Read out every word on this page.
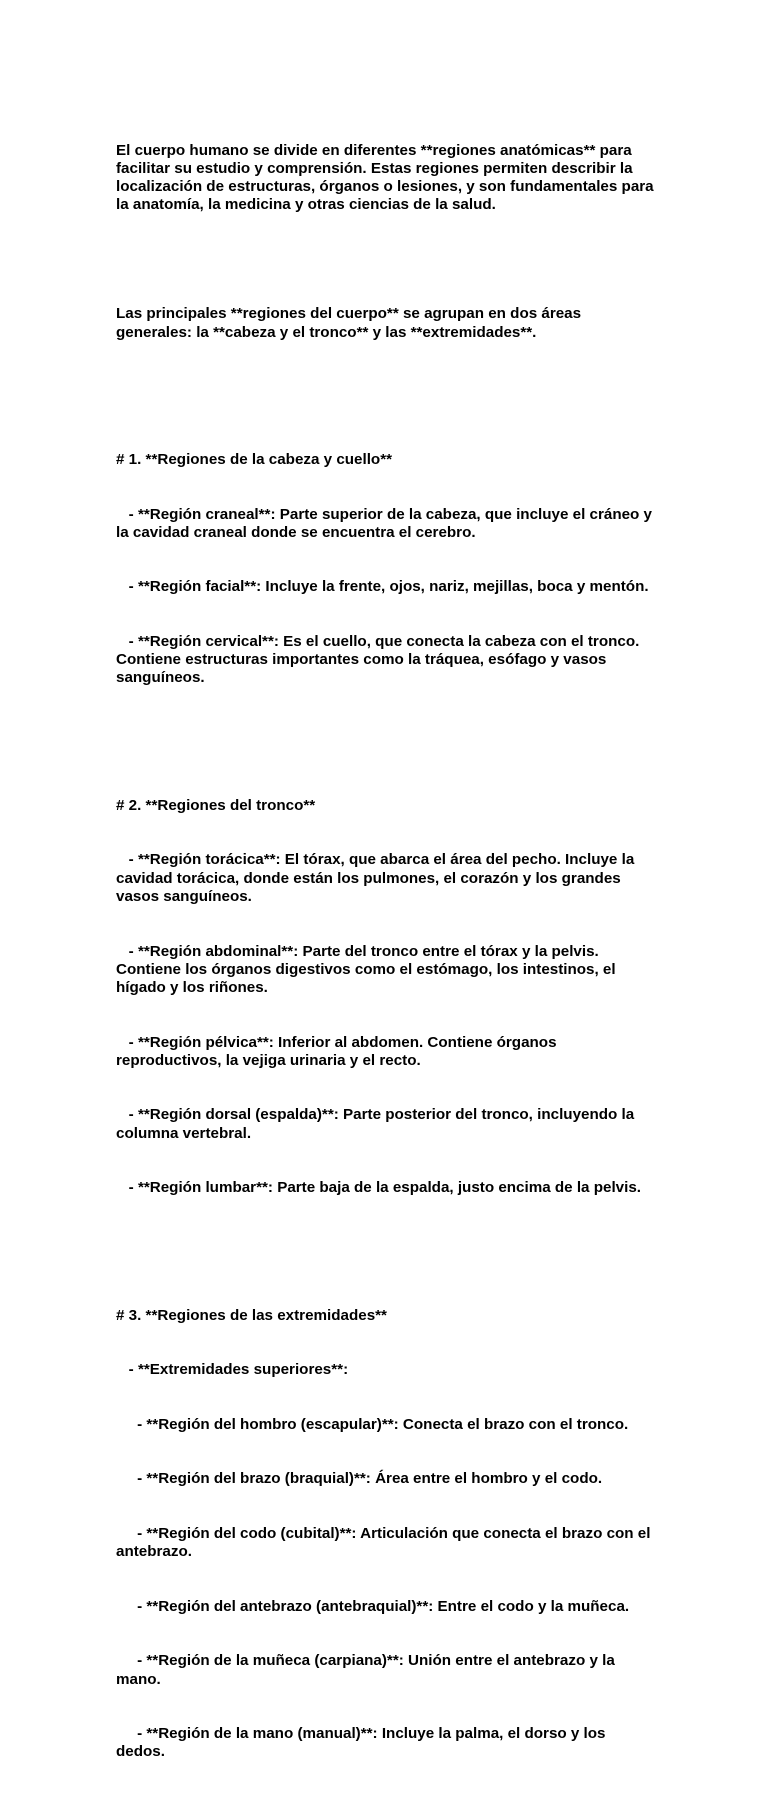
El cuerpo humano se divide en diferentes **regiones anatómicas** para facilitar su estudio y comprensión. Estas regiones permiten describir la localización de estructuras, órganos o lesiones, y son fundamentales para la anatomía, la medicina y otras ciencias de la salud.

Las principales **regiones del cuerpo** se agrupan en dos áreas generales: la **cabeza y el tronco** y las **extremidades**.

# 1. **Regiones de la cabeza y cuello**

- **Región craneal**: Parte superior de la cabeza, que incluye el cráneo y la cavidad craneal donde se encuentra el cerebro.

- **Región facial**: Incluye la frente, ojos, nariz, mejillas, boca y mentón.

- **Región cervical**: Es el cuello, que conecta la cabeza con el tronco. Contiene estructuras importantes como la tráquea, esófago y vasos sanguíneos.

# 2. **Regiones del tronco**

- **Región torácica**: El tórax, que abarca el área del pecho. Incluye la cavidad torácica, donde están los pulmones, el corazón y los grandes vasos sanguíneos.

- **Región abdominal**: Parte del tronco entre el tórax y la pelvis. Contiene los órganos digestivos como el estómago, los intestinos, el hígado y los riñones.

- **Región pélvica**: Inferior al abdomen. Contiene órganos reproductivos, la vejiga urinaria y el recto.

- **Región dorsal (espalda)**: Parte posterior del tronco, incluyendo la columna vertebral.

- **Región lumbar**: Parte baja de la espalda, justo encima de la pelvis.

# 3. **Regiones de las extremidades**

- **Extremidades superiores**:

- **Región del hombro (escapular)**: Conecta el brazo con el tronco.

- **Región del brazo (braquial)**: Área entre el hombro y el codo.

- **Región del codo (cubital)**: Articulación que conecta el brazo con el antebrazo.

- **Región del antebrazo (antebraquial)**: Entre el codo y la muñeca.

- **Región de la muñeca (carpiana)**: Unión entre el antebrazo y la mano.

- **Región de la mano (manual)**: Incluye la palma, el dorso y los dedos.
